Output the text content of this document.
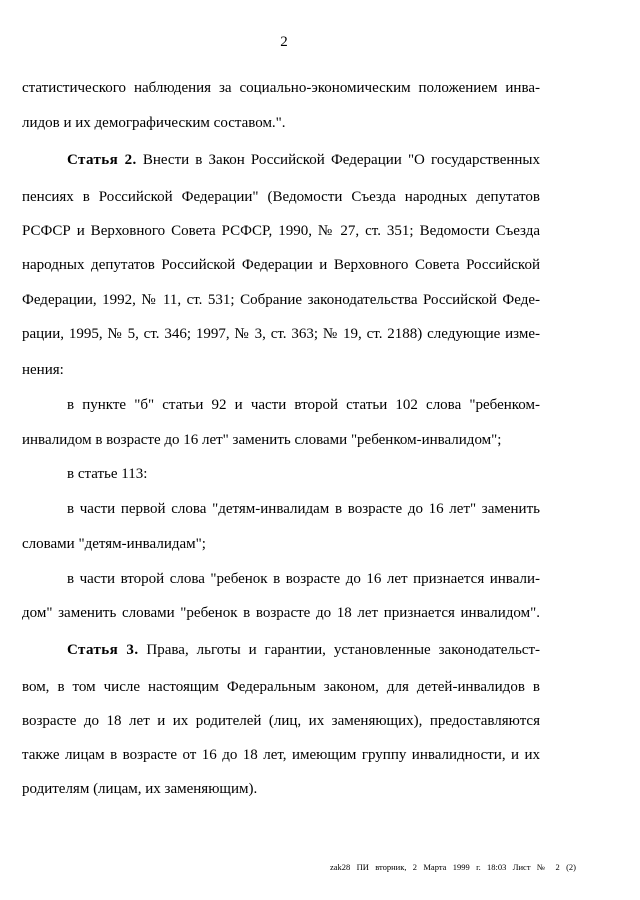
2
статистического наблюдения за социально-экономическим положением инва-
лидов и их демографическим составом.".
Статья 2. Внести в Закон Российской Федерации "О государственных
пенсиях в Российской Федерации" (Ведомости Съезда народных депутатов
РСФСР и Верховного Совета РСФСР, 1990, № 27, ст. 351; Ведомости Съезда
народных депутатов Российской Федерации и Верховного Совета Российской
Федерации, 1992, № 11, ст. 531; Собрание законодательства Российской Феде-
рации, 1995, № 5, ст. 346; 1997, № 3, ст. 363; № 19, ст. 2188) следующие изме-
нения:
в пункте "б" статьи 92 и части второй статьи 102 слова "ребенком-
инвалидом в возрасте до 16 лет" заменить словами "ребенком-инвалидом";
в статье 113:
в части первой слова "детям-инвалидам в возрасте до 16 лет" заменить
словами "детям-инвалидам";
в части второй слова "ребенок в возрасте до 16 лет признается инвали-
дом" заменить словами "ребенок в возрасте до 18 лет признается инвалидом".
Статья 3. Права, льготы и гарантии, установленные законодательст-
вом, в том числе настоящим Федеральным законом, для детей-инвалидов в
возрасте до 18 лет и их родителей (лиц, их заменяющих), предоставляются
также лицам в возрасте от 16 до 18 лет, имеющим группу инвалидности, и их
родителям (лицам, их заменяющим).
zak28 ПИ вторник, 2 Марта 1999 г. 18:03 Лист № 2 (2)
